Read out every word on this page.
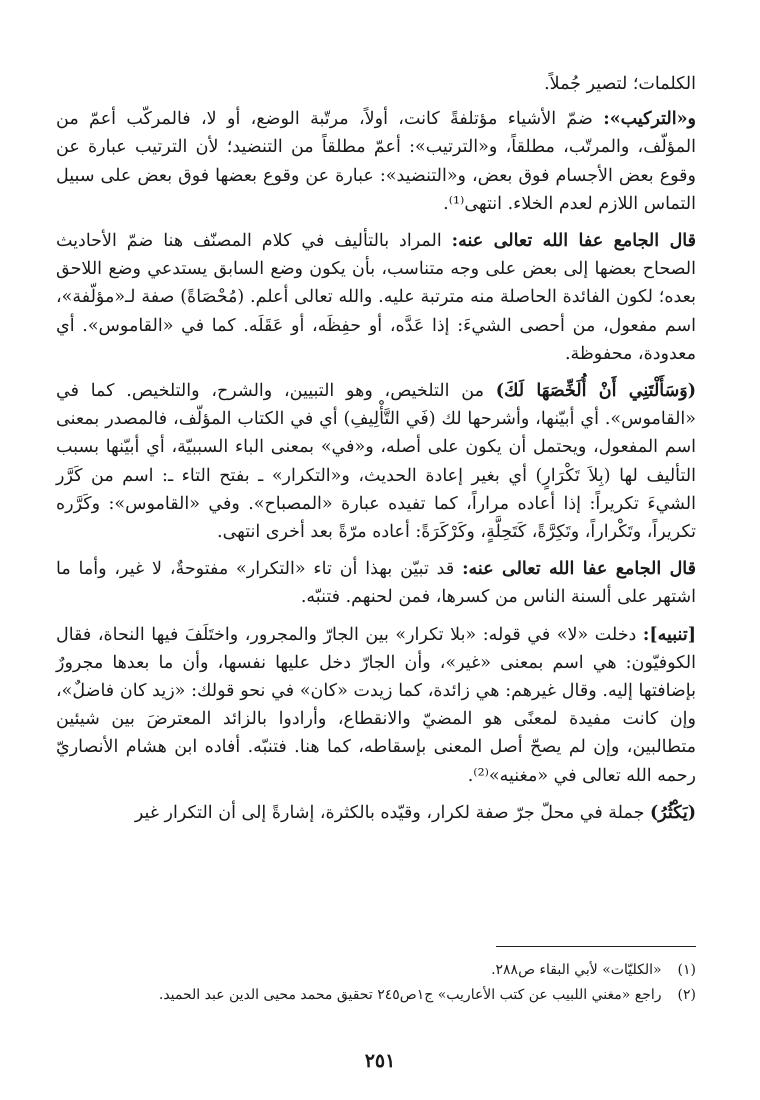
الكلمات؛ لتصير جُملاً.

و«التركيب»: ضمّ الأشياء مؤتلفةً كانت، أولاً، مرتّبة الوضع، أو لا، فالمركّب أعمّ من المؤلّف، والمرتّب، مطلقاً، و«الترتيب»: أعمّ مطلقاً من التنضيد؛ لأن الترتيب عبارة عن وقوع بعض الأجسام فوق بعض، و«التنضيد»: عبارة عن وقوع بعضها فوق بعض على سبيل التماس اللازم لعدم الخلاء. انتهى⁽¹⁾.

قال الجامع عفا الله تعالى عنه: المراد بالتأليف في كلام المصنّف هنا ضمّ الأحاديث الصحاح بعضها إلى بعض على وجه متناسب، بأن يكون وضع السابق يستدعي وضع اللاحق بعده؛ لكون الفائدة الحاصلة منه مترتبة عليه. والله تعالى أعلم. (مُحْصَاةً) صفة لـ«مؤلّفة»، اسم مفعول، من أحصى الشيءَ: إذا عَدَّه، أو حفِظَه، أو عَقَلَه. كما في «القاموس». أي معدودة، محفوظة.

(وَسَأَلْتَنِي أَنْ أُلَخِّصَهَا لَكَ) من التلخيص، وهو التبيين، والشرح، والتلخيص. كما في «القاموس». أي أبيّنها، وأشرحها لك (فَي التَّأْلِيفِ) أي في الكتاب المؤلّف، فالمصدر بمعنى اسم المفعول، ويحتمل أن يكون على أصله، و«في» بمعنى الباء السببيّة، أي أبيّنها بسبب التأليف لها (بِلاَ تَكْرَارٍ) أي بغير إعادة الحديث، و«التكرار» ـ بفتح التاء ـ: اسم من كَرَّر الشيءَ تكريراً: إذا أعاده مراراً، كما تفيده عبارة «المصباح». وفي «القاموس»: وكَرَّره تكريراً، وتَكْراراً، وتَكِرَّةً، كَتَحِلَّةٍ، وكَرْكَرَةً: أعاده مرّةً بعد أخرى انتهى.

قال الجامع عفا الله تعالى عنه: قد تبيّن بهذا أن تاء «التكرار» مفتوحةٌ، لا غير، وأما ما اشتهر على ألسنة الناس من كسرها، فمن لحنهم. فتنبّه.

[تنبيه]: دخلت «لا» في قوله: «بلا تكرار» بين الجارّ والمجرور، واختَلَفَ فيها النحاة، فقال الكوفيّون: هي اسم بمعنى «غير»، وأن الجارّ دخل عليها نفسها، وأن ما بعدها مجرورٌ بإضافتها إليه. وقال غيرهم: هي زائدة، كما زيدت «كان» في نحو قولك: «زيد كان فاضلٌ»، وإن كانت مفيدة لمعنًى هو المضيّ والانقطاع، وأرادوا بالزائد المعترضَ بين شيئين متطالبين، وإن لم يصحّ أصل المعنى بإسقاطه، كما هنا. فتنبّه. أفاده ابن هشام الأنصاريّ رحمه الله تعالى في «مغنيه»⁽²⁾.

(يَكْثُرُ) جملة في محلّ جرّ صفة لكرار، وقيّده بالكثرة، إشارةً إلى أن التكرار غير

(١) «الكليّات» لأبي البقاء ص٢٨٨.

(٢) راجع «مغني اللبيب عن كتب الأعاريب» ج١ص٢٤٥ تحقيق محمد محيى الدين عبد الحميد.

٢٥١
